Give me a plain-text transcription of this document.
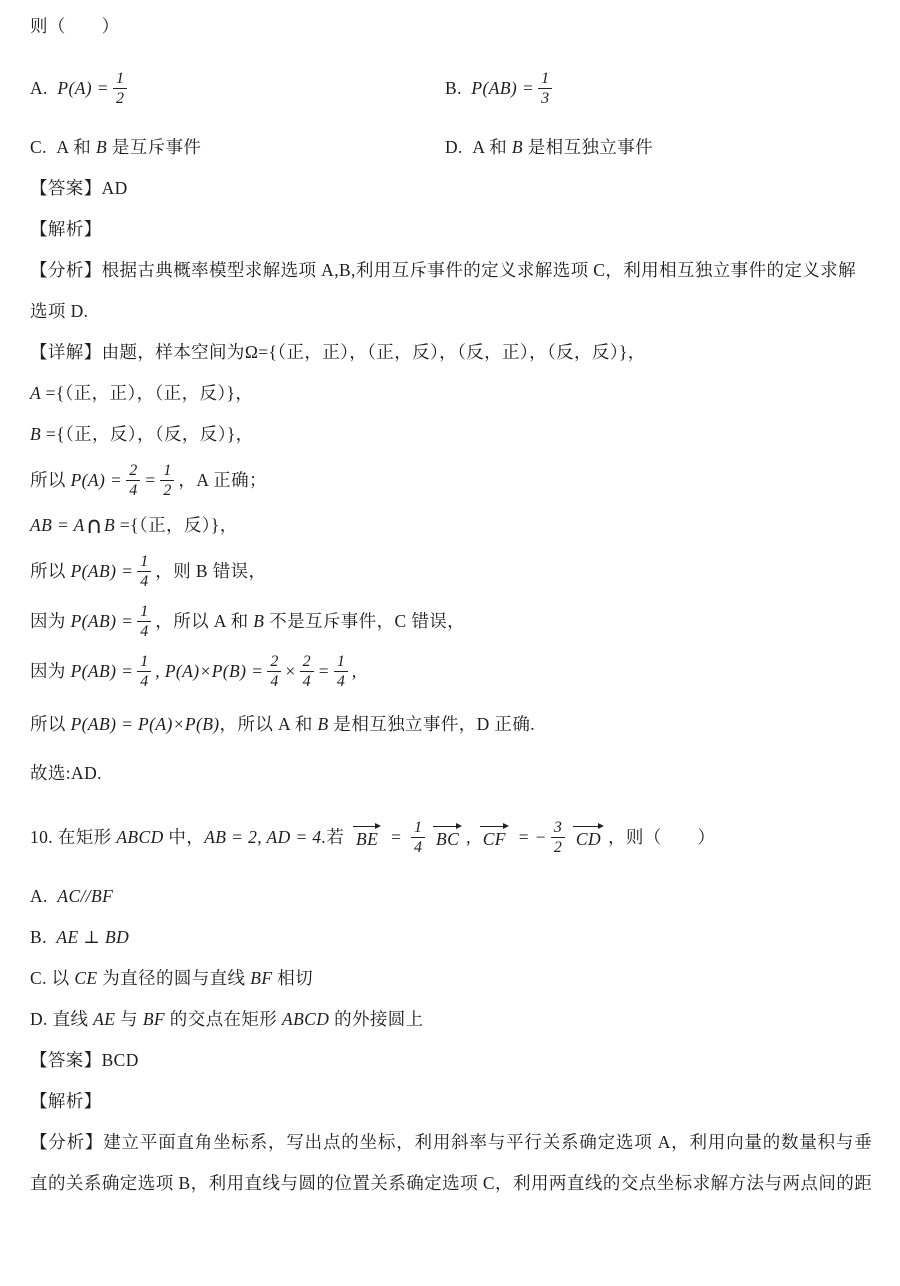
则（　　）
A.  $P(A) = \frac{1}{2}$	B.  $P(AB) = \frac{1}{3}$
C.  A 和 B 是互斥事件	D.  A 和 B 是相互独立事件
【答案】AD
【解析】
【分析】根据古典概率模型求解选项 A,B,利用互斥事件的定义求解选项 C，利用相互独立事件的定义求解
选项 D.
【详解】由题，样本空间为Ω={（正，正），（正，反），（反，正），（反，反）}，
A ={（正，正），（正，反）}，
B ={（正，反），（反，反）}，
所以 $P(A) = \frac{2}{4} = \frac{1}{2}$ ，A 正确；
AB = A∩B ={（正，反）}，
所以 $P(AB) = \frac{1}{4}$ ，则 B 错误，
因为 $P(AB) = \frac{1}{4}$ ，所以 A 和 B 不是互斥事件，C 错误，
因为 $P(AB) = \frac{1}{4}$ , $P(A)\times P(B) = \frac{2}{4} \times \frac{2}{4} = \frac{1}{4}$ ,
所以 P(AB) = P(A)×P(B)，所以 A 和 B 是相互独立事件，D 正确.
故选:AD.
10. 在矩形 ABCD 中，AB = 2, AD = 4.若 BE = $\frac{1}{4}$ BC , CF = − $\frac{3}{2}$ CD ，则（　　）
A.  AC//BF
B.  AE ⊥ BD
C. 以 CE 为直径的圆与直线 BF 相切
D. 直线 AE 与 BF 的交点在矩形 ABCD 的外接圆上
【答案】BCD
【解析】
【分析】建立平面直角坐标系，写出点的坐标，利用斜率与平行关系确定选项 A，利用向量的数量积与垂
直的关系确定选项 B，利用直线与圆的位置关系确定选项 C，利用两直线的交点坐标求解方法与两点间的距
